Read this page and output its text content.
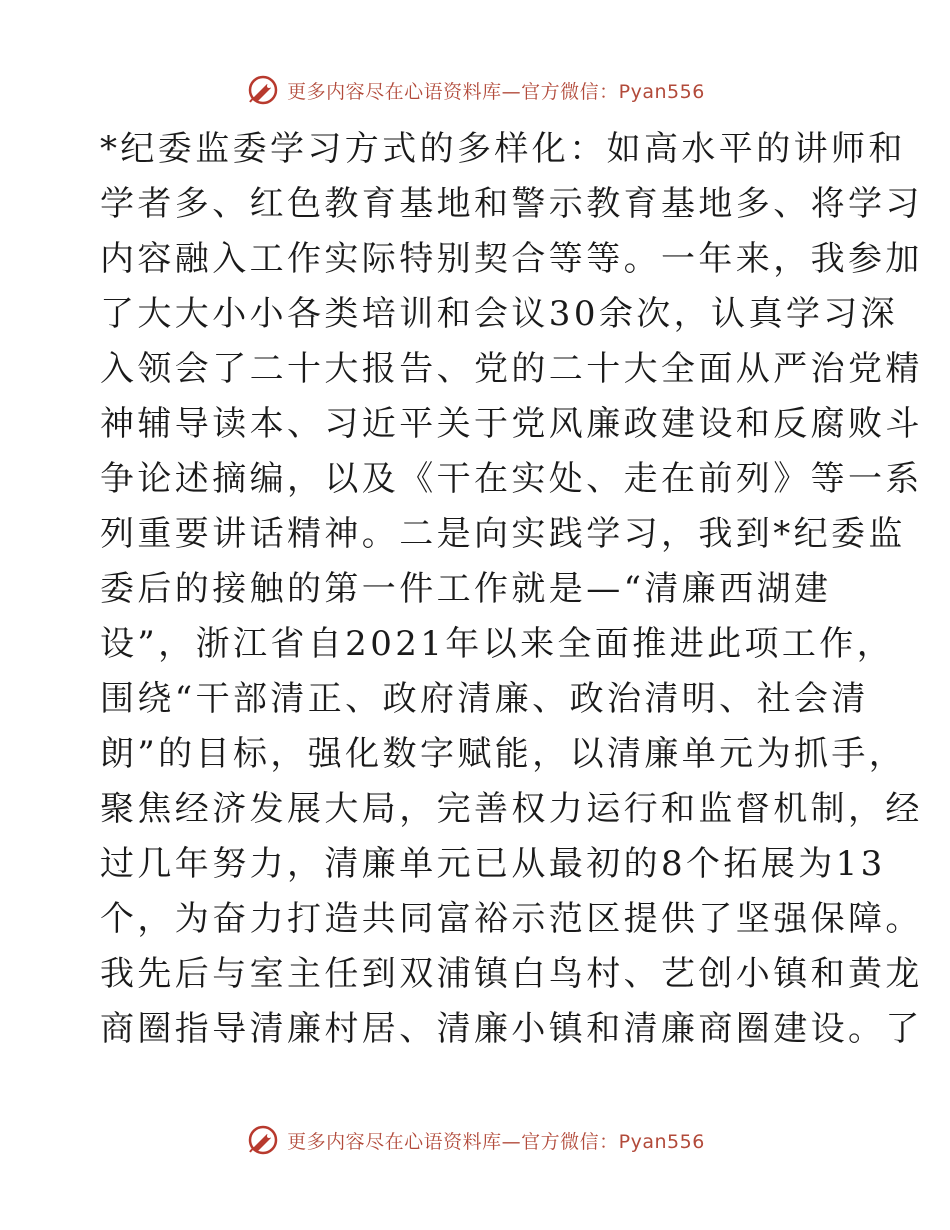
更多内容尽在心语资料库—官方微信：Pyan556
*纪委监委学习方式的多样化：如高水平的讲师和
学者多、红色教育基地和警示教育基地多、将学习
内容融入工作实际特别契合等等。一年来，我参加
了大大小小各类培训和会议30余次，认真学习深
入领会了二十大报告、党的二十大全面从严治党精
神辅导读本、习近平关于党风廉政建设和反腐败斗
争论述摘编，以及《干在实处、走在前列》等一系
列重要讲话精神。二是向实践学习，我到*纪委监
委后的接触的第一件工作就是—“清廉西湖建
设”，浙江省自2021年以来全面推进此项工作，
围绕“干部清正、政府清廉、政治清明、社会清
朗”的目标，强化数字赋能，以清廉单元为抓手，
聚焦经济发展大局，完善权力运行和监督机制，经
过几年努力，清廉单元已从最初的8个拓展为13
个，为奋力打造共同富裕示范区提供了坚强保障。
我先后与室主任到双浦镇白鸟村、艺创小镇和黄龙
商圈指导清廉村居、清廉小镇和清廉商圈建设。了
更多内容尽在心语资料库—官方微信：Pyan556
